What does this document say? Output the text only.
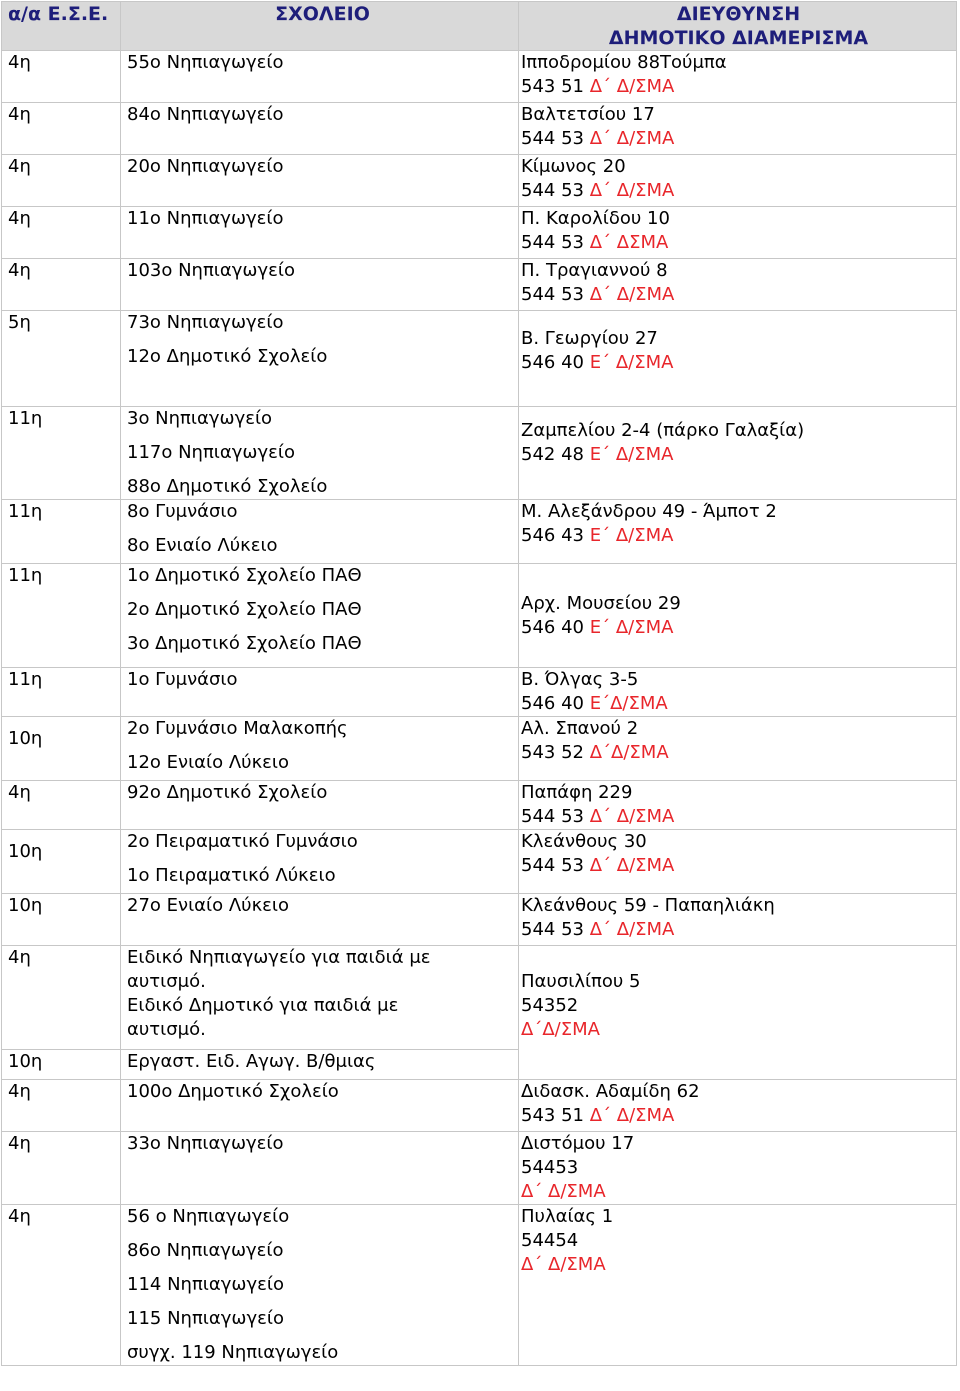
α/α Ε.Σ.Ε.	ΣΧΟΛΕΙΟ	ΔΙΕΥΘΥΝΣΗ
ΔΗΜΟΤΙΚΟ ΔΙΑΜΕΡΙΣΜΑ

4η	55ο Νηπιαγωγείο	Ιπποδρομίου 88Τούμπα
543 51 Δ΄ Δ/ΣΜΑ

4η	84ο Νηπιαγωγείο	Βαλτετσίου 17
544 53 Δ΄ Δ/ΣΜΑ

4η	20ο Νηπιαγωγείο	Κίμωνος 20
544 53 Δ΄ Δ/ΣΜΑ

4η	11ο Νηπιαγωγείο	Π. Καρολίδου 10
544 53 Δ΄ ΔΣΜΑ

4η	103ο Νηπιαγωγείο	Π. Τραγιαννού 8
544 53 Δ΄ Δ/ΣΜΑ

5η	73ο Νηπιαγωγείο
12ο Δημοτικό Σχολείο	Β. Γεωργίου 27
546 40 Ε΄ Δ/ΣΜΑ

11η	3ο Νηπιαγωγείο
117ο Νηπιαγωγείο
88ο Δημοτικό Σχολείο	Ζαμπελίου 2-4 (πάρκο Γαλαξία)
542 48 Ε΄ Δ/ΣΜΑ

11η	8ο Γυμνάσιο
8ο Ενιαίο Λύκειο	Μ. Αλεξάνδρου 49 - Άμποτ 2
546 43 Ε΄ Δ/ΣΜΑ

11η	1ο Δημοτικό Σχολείο ΠΑΘ
2ο Δημοτικό Σχολείο ΠΑΘ
3ο Δημοτικό Σχολείο ΠΑΘ	Αρχ. Μουσείου 29
546 40 Ε΄ Δ/ΣΜΑ

11η	1ο Γυμνάσιο	Β. Όλγας 3-5
546 40 Ε΄Δ/ΣΜΑ

10η	2ο Γυμνάσιο Μαλακοπής
12ο Ενιαίο Λύκειο	Αλ. Σπανού 2
543 52 Δ΄Δ/ΣΜΑ

4η	92ο Δημοτικό Σχολείο	Παπάφη 229
544 53 Δ΄ Δ/ΣΜΑ

10η	2ο Πειραματικό Γυμνάσιο
1ο Πειραματικό Λύκειο	Κλεάνθους 30
544 53 Δ΄ Δ/ΣΜΑ

10η	27ο Ενιαίο Λύκειο	Κλεάνθους 59 - Παπαηλιάκη
544 53 Δ΄ Δ/ΣΜΑ

4η	Ειδικό Νηπιαγωγείο για παιδιά με αυτισμό.
Ειδικό Δημοτικό για παιδιά με αυτισμό.	Παυσιλίπου 5
54352
Δ΄Δ/ΣΜΑ

10η	Εργαστ. Ειδ. Αγωγ. Β/θμιας	

4η	100ο Δημοτικό Σχολείο	Διδασκ. Αδαμίδη 62
543 51 Δ΄ Δ/ΣΜΑ

4η	33ο Νηπιαγωγείο	Διστόμου 17
54453
Δ΄ Δ/ΣΜΑ

4η	56 ο Νηπιαγωγείο
86ο Νηπιαγωγείο
114 Νηπιαγωγείο
115 Νηπιαγωγείο
συγχ. 119 Νηπιαγωγείο	Πυλαίας 1
54454
Δ΄ Δ/ΣΜΑ
